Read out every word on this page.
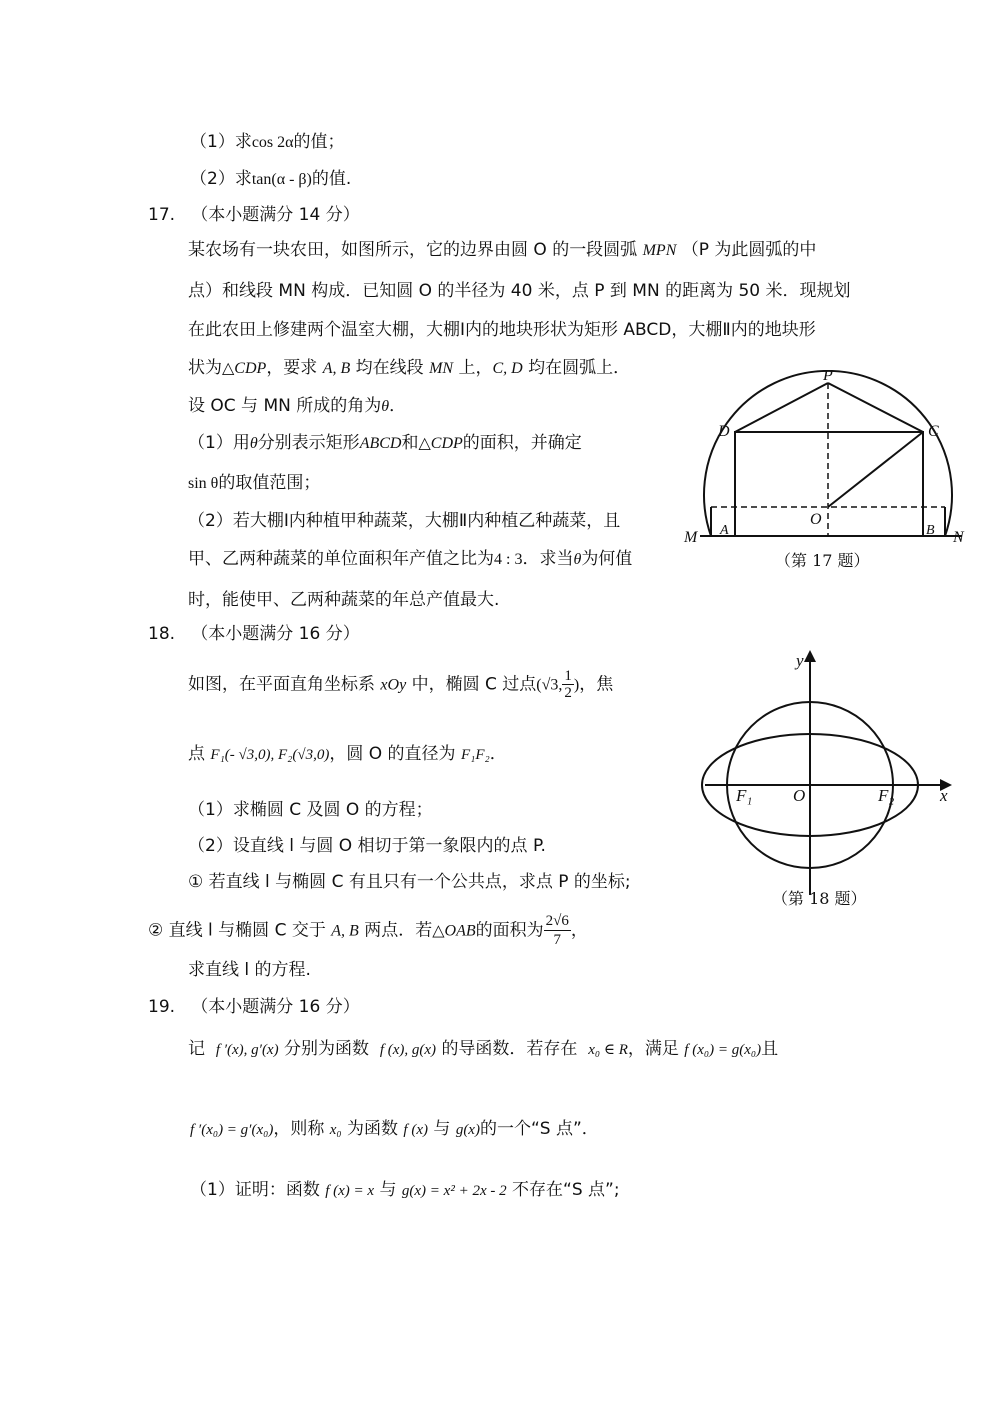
（1）求cos 2α的值；
（2）求tan(α - β)的值.
17. （本小题满分 14 分）
某农场有一块农田，如图所示，它的边界由圆 O 的一段圆弧 MPN （P 为此圆弧的中
点）和线段 MN 构成．已知圆 O 的半径为 40 米，点 P 到 MN 的距离为 50 米．现规划
在此农田上修建两个温室大棚，大棚Ⅰ内的地块形状为矩形 ABCD，大棚Ⅱ内的地块形
状为△CDP，要求 A, B 均在线段 MN 上，C, D 均在圆弧上．
设 OC 与 MN 所成的角为θ．
（1）用θ分别表示矩形ABCD和△CDP的面积，并确定
sin θ的取值范围；
（2）若大棚Ⅰ内种植甲种蔬菜，大棚Ⅱ内种植乙种蔬菜，且
甲、乙两种蔬菜的单位面积年产值之比为4 : 3．求当θ为何值
时，能使甲、乙两种蔬菜的年总产值最大.
P
D	C
O
M A	B N
（第 17 题）
18. （本小题满分 16 分）
如图，在平面直角坐标系 xOy 中，椭圆 C 过点(√3, $\frac{1}{2}$ )，焦
点 F₁(- √3,0), F₂(√3,0)，圆 O 的直径为 F₁F₂．
（1）求椭圆 C 及圆 O 的方程；
（2）设直线 l 与圆 O 相切于第一象限内的点 P.
① 若直线 l 与椭圆 C 有且只有一个公共点，求点 P 的坐标;
② 直线 l 与椭圆 C 交于 A, B 两点．若△OAB的面积为 $\frac{2√6}{7}$ ，
求直线 l 的方程.
y
x
O
F₁	F₂
（第 18 题）
19. （本小题满分 16 分）
记 f ′(x), g′(x) 分别为函数 f (x), g(x) 的导函数．若存在 x₀ ∈ R，满足 f (x₀) = g(x₀)且
f ′(x₀) = g′(x₀)，则称 x₀ 为函数 f (x) 与 g(x)的一个“S 点”．
（1）证明：函数 f (x) = x 与 g(x) = x² + 2x - 2 不存在“S 点”;
